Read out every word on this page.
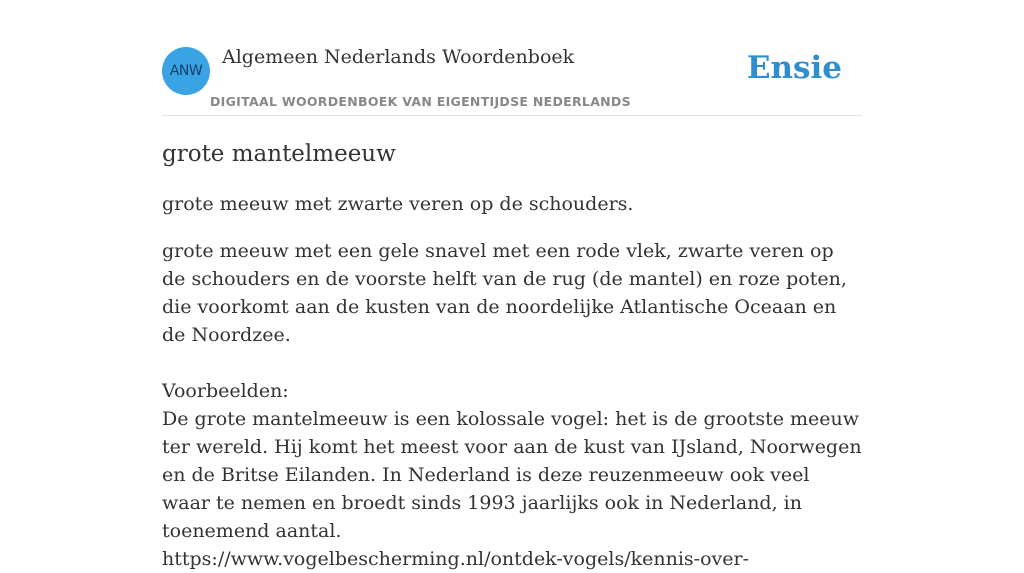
ANW
Algemeen Nederlands Woordenboek
DIGITAAL WOORDENBOEK VAN EIGENTIJDSE NEDERLANDS
Ensie
grote mantelmeeuw

grote meeuw met zwarte veren op de schouders.

grote meeuw met een gele snavel met een rode vlek, zwarte veren op de schouders en de voorste helft van de rug (de mantel) en roze poten, die voorkomt aan de kusten van de noordelijke Atlantische Oceaan en de Noordzee.

Voorbeelden:

De grote mantelmeeuw is een kolossale vogel: het is de grootste meeuw ter wereld. Hij komt het meest voor aan de kust van IJsland, Noorwegen en de Britse Eilanden. In Nederland is deze reuzenmeeuw ook veel waar te nemen en broedt sinds 1993 jaarlijks ook in Nederland, in toenemend aantal.

https://www.vogelbescherming.nl/ontdek-vogels/kennis-over-
